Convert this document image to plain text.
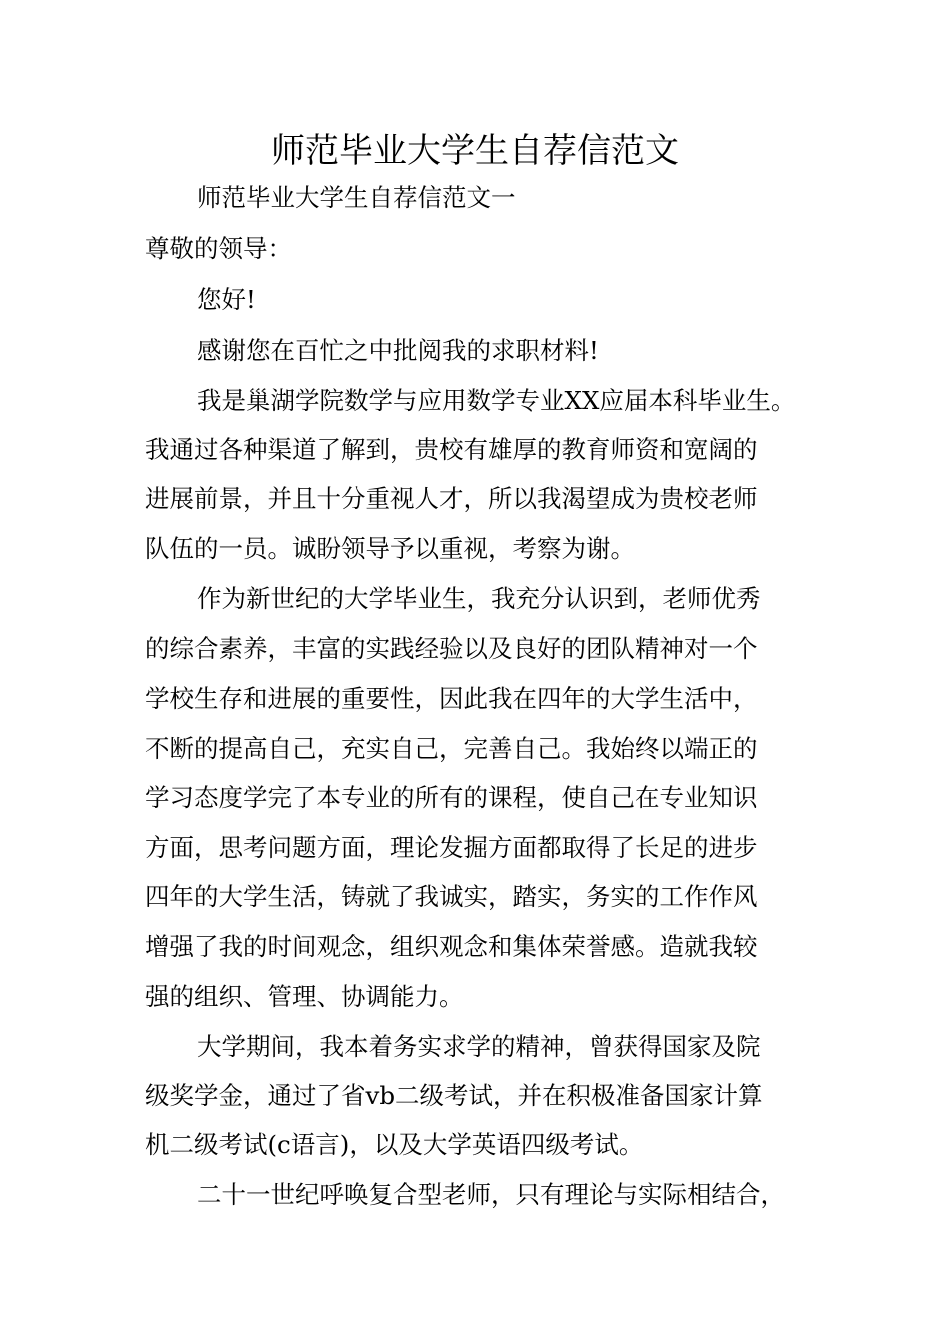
师范毕业大学生自荐信范文
师范毕业大学生自荐信范文一
尊敬的领导：
您好!
感谢您在百忙之中批阅我的求职材料!
我是巢湖学院数学与应用数学专业XX应届本科毕业生。
我通过各种渠道了解到，贵校有雄厚的教育师资和宽阔的
进展前景，并且十分重视人才，所以我渴望成为贵校老师
队伍的一员。诚盼领导予以重视，考察为谢。
作为新世纪的大学毕业生，我充分认识到，老师优秀
的综合素养，丰富的实践经验以及良好的团队精神对一个
学校生存和进展的重要性，因此我在四年的大学生活中，
不断的提高自己，充实自己，完善自己。我始终以端正的
学习态度学完了本专业的所有的课程，使自己在专业知识
方面，思考问题方面，理论发掘方面都取得了长足的进步
四年的大学生活，铸就了我诚实，踏实，务实的工作作风
增强了我的时间观念，组织观念和集体荣誉感。造就我较
强的组织、管理、协调能力。
大学期间，我本着务实求学的精神，曾获得国家及院
级奖学金，通过了省vb二级考试，并在积极准备国家计算
机二级考试(c语言)，以及大学英语四级考试。
二十一世纪呼唤复合型老师，只有理论与实际相结合，
